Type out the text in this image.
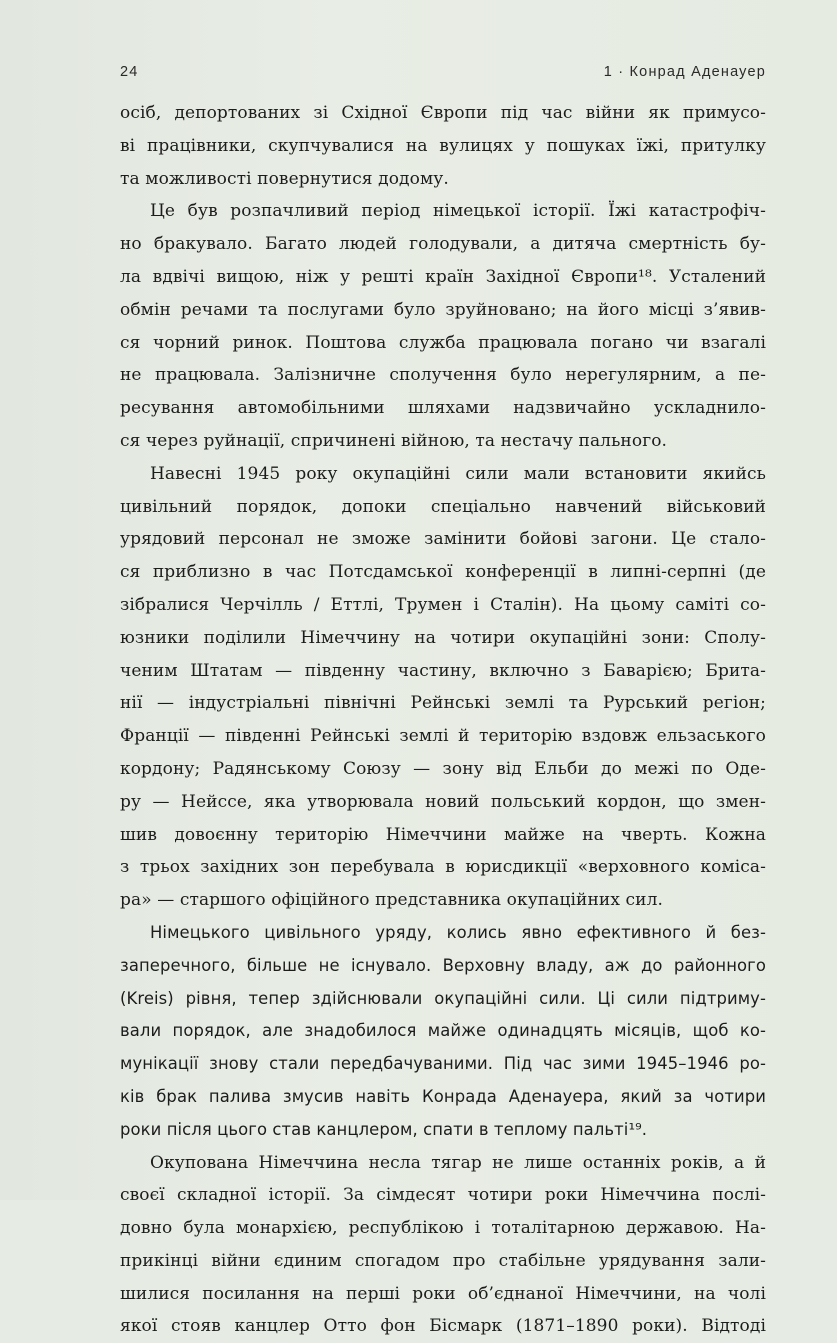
24	1 · Конрад Аденауер
осіб, депортованих зі Східної Європи під час війни як примусо-
ві працівники, скупчувалися на вулицях у пошуках їжі, притулку
та можливості повернутися додому.
Це був розпачливий період німецької історії. Їжі катастрофіч-
но бракувало. Багато людей голодували, а дитяча смертність бу-
ла вдвічі вищою, ніж у решті країн Західної Європи¹⁸. Усталений
обмін речами та послугами було зруйновано; на його місці з’явив-
ся чорний ринок. Поштова служба працювала погано чи взагалі
не працювала. Залізничне сполучення було нерегулярним, а пе-
ресування автомобільними шляхами надзвичайно ускладнило-
ся через руйнації, спричинені війною, та нестачу пального.
Навесні 1945 року окупаційні сили мали встановити якийсь
цивільний порядок, допоки спеціально навчений військовий
урядовий персонал не зможе замінити бойові загони. Це стало-
ся приблизно в час Потсдамської конференції в липні-серпні (де
зібралися Черчілль / Еттлі, Трумен і Сталін). На цьому саміті со-
юзники поділили Німеччину на чотири окупаційні зони: Сполу-
ченим Штатам — південну частину, включно з Баварією; Брита-
нії — індустріальні північні Рейнські землі та Рурський регіон;
Франції — південні Рейнські землі й територію вздовж ельзаського
кордону; Радянському Союзу — зону від Ельби до межі по Оде-
ру — Нейссе, яка утворювала новий польський кордон, що змен-
шив довоєнну територію Німеччини майже на чверть. Кожна
з трьох західних зон перебувала в юрисдикції «верховного коміса-
ра» — старшого офіційного представника окупаційних сил.
Німецького цивільного уряду, колись явно ефективного й без-
заперечного, більше не існувало. Верховну владу, аж до районного
(Kreis) рівня, тепер здійснювали окупаційні сили. Ці сили підтриму-
вали порядок, але знадобилося майже одинадцять місяців, щоб ко-
мунікації знову стали передбачуваними. Під час зими 1945–1946 ро-
ків брак палива змусив навіть Конрада Аденауера, який за чотири
роки після цього став канцлером, спати в теплому пальті¹⁹.
Окупована Німеччина несла тягар не лише останніх років, а й
своєї складної історії. За сімдесят чотири роки Німеччина послі-
довно була монархією, республікою і тоталітарною державою. На-
прикінці війни єдиним спогадом про стабільне урядування зали-
шилися посилання на перші роки об’єднаної Німеччини, на чолі
якої стояв канцлер Отто фон Бісмарк (1871–1890 роки). Відтоді
